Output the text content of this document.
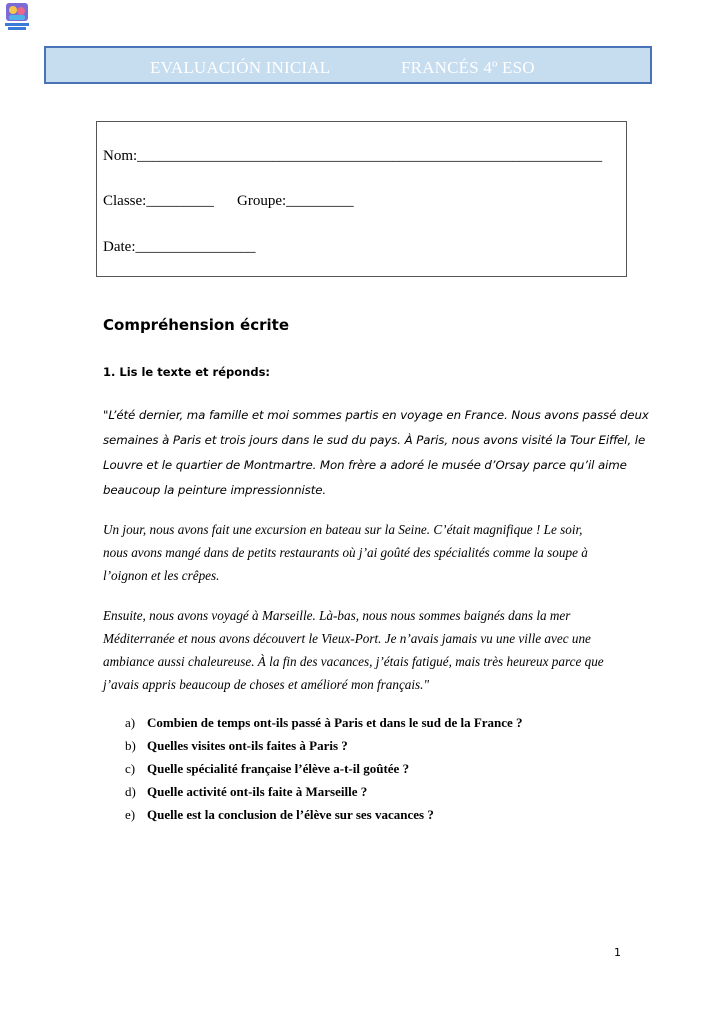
EVALUACIÓN INICIAL	FRANCÉS 4º ESO
Nom:______________________________________________________________
Classe:_________ Groupe:_________
Date:________________
Compréhension écrite
1. Lis le texte et réponds:
"L’été dernier, ma famille et moi sommes partis en voyage en France. Nous avons passé deux
semaines à Paris et trois jours dans le sud du pays. À Paris, nous avons visité la Tour Eiffel, le
Louvre et le quartier de Montmartre. Mon frère a adoré le musée d’Orsay parce qu’il aime
beaucoup la peinture impressionniste.
Un jour, nous avons fait une excursion en bateau sur la Seine. C’était magnifique ! Le soir,
nous avons mangé dans de petits restaurants où j’ai goûté des spécialités comme la soupe à
l’oignon et les crêpes.
Ensuite, nous avons voyagé à Marseille. Là-bas, nous nous sommes baignés dans la mer
Méditerranée et nous avons découvert le Vieux-Port. Je n’avais jamais vu une ville avec une
ambiance aussi chaleureuse. À la fin des vacances, j’étais fatigué, mais très heureux parce que
j’avais appris beaucoup de choses et amélioré mon français."
a) Combien de temps ont-ils passé à Paris et dans le sud de la France ?
b) Quelles visites ont-ils faites à Paris ?
c) Quelle spécialité française l’élève a-t-il goûtée ?
d) Quelle activité ont-ils faite à Marseille ?
e) Quelle est la conclusion de l’élève sur ses vacances ?
1
